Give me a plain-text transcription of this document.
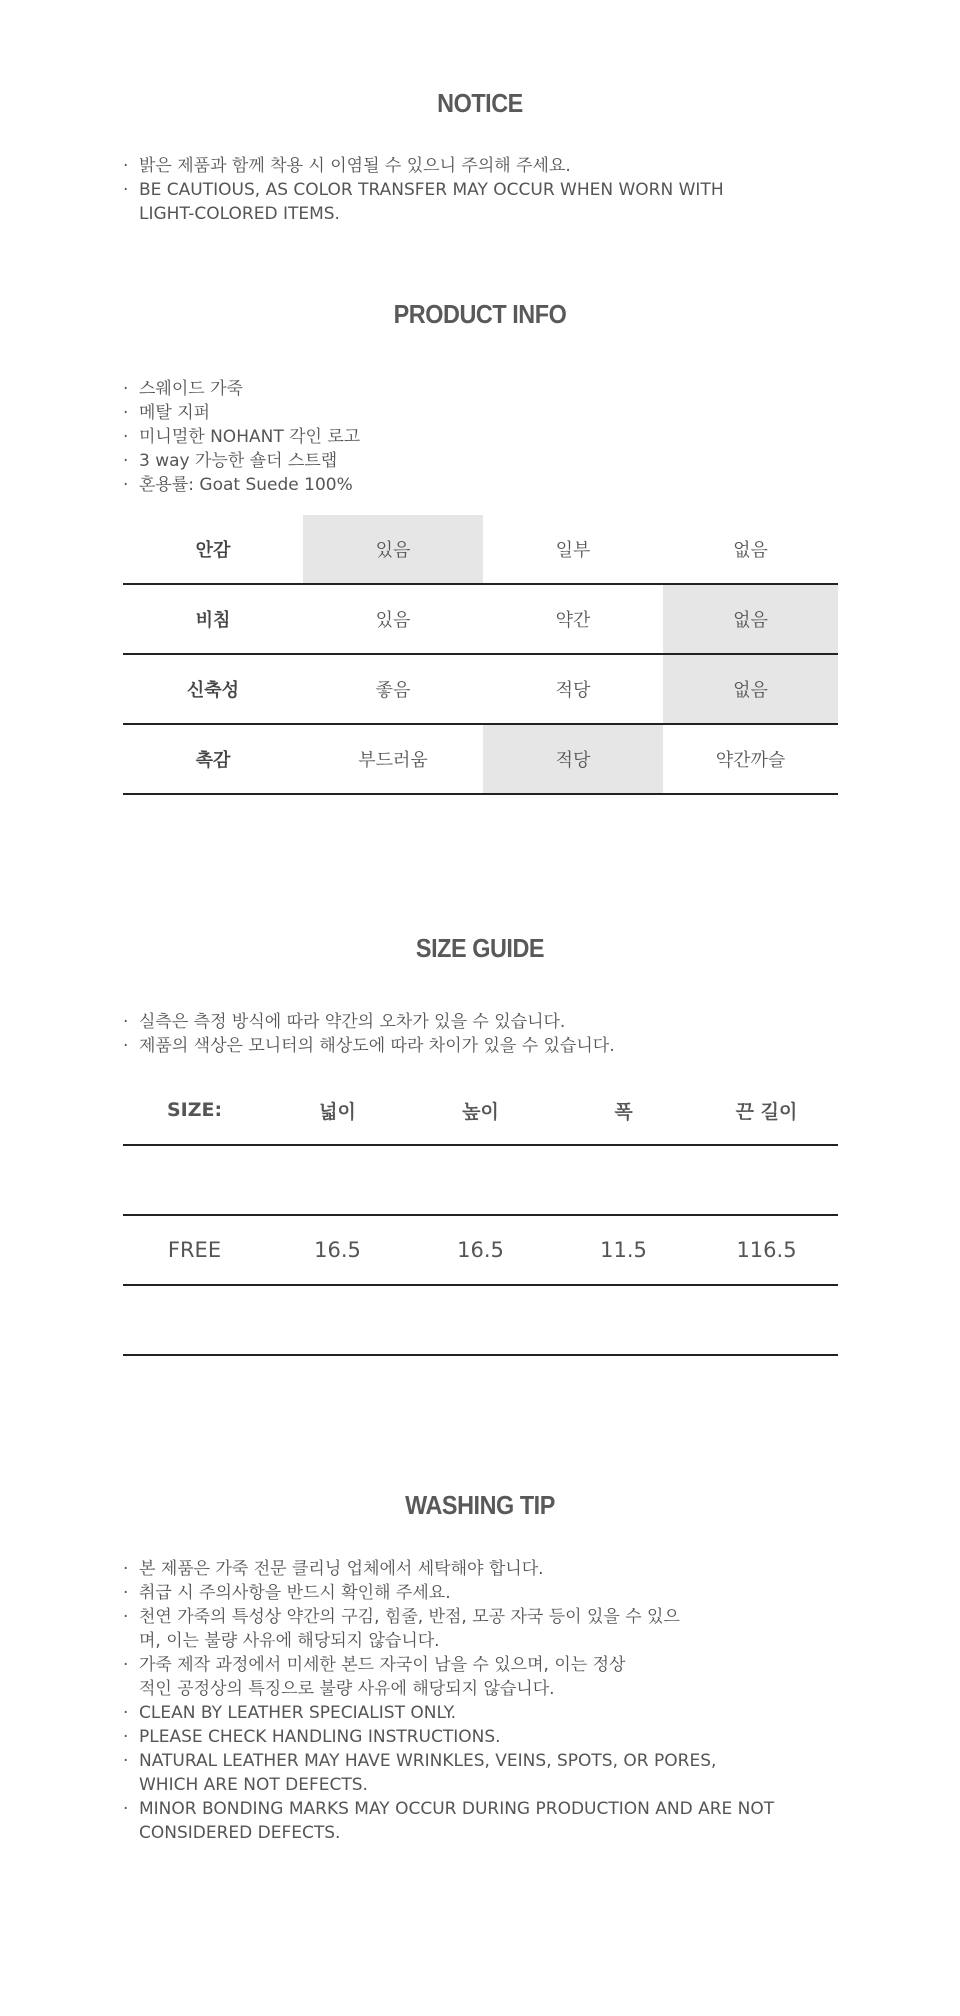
NOTICE
· 밝은 제품과 함께 착용 시 이염될 수 있으니 주의해 주세요.
· BE CAUTIOUS, AS COLOR TRANSFER MAY OCCUR WHEN WORN WITH LIGHT-COLORED ITEMS.
PRODUCT INFO
· 스웨이드 가죽
· 메탈 지퍼
· 미니멀한 NOHANT 각인 로고
· 3 way 가능한 숄더 스트랩
· 혼용률: Goat Suede 100%
안감	있음	일부	없음
비침	있음	약간	없음
신축성	좋음	적당	없음
촉감	부드러움	적당	약간까슬
SIZE GUIDE
· 실측은 측정 방식에 따라 약간의 오차가 있을 수 있습니다.
· 제품의 색상은 모니터의 해상도에 따라 차이가 있을 수 있습니다.
SIZE:	넓이	높이	폭	끈 길이

FREE	16.5	16.5	11.5	116.5

WASHING TIP
· 본 제품은 가죽 전문 클리닝 업체에서 세탁해야 합니다.
· 취급 시 주의사항을 반드시 확인해 주세요.
· 천연 가죽의 특성상 약간의 구김, 힘줄, 반점, 모공 자국 등이 있을 수 있으며, 이는 불량 사유에 해당되지 않습니다.
· 가죽 제작 과정에서 미세한 본드 자국이 남을 수 있으며, 이는 정상적인 공정상의 특징으로 불량 사유에 해당되지 않습니다.
· CLEAN BY LEATHER SPECIALIST ONLY.
· PLEASE CHECK HANDLING INSTRUCTIONS.
· NATURAL LEATHER MAY HAVE WRINKLES, VEINS, SPOTS, OR PORES, WHICH ARE NOT DEFECTS.
· MINOR BONDING MARKS MAY OCCUR DURING PRODUCTION AND ARE NOT CONSIDERED DEFECTS.
